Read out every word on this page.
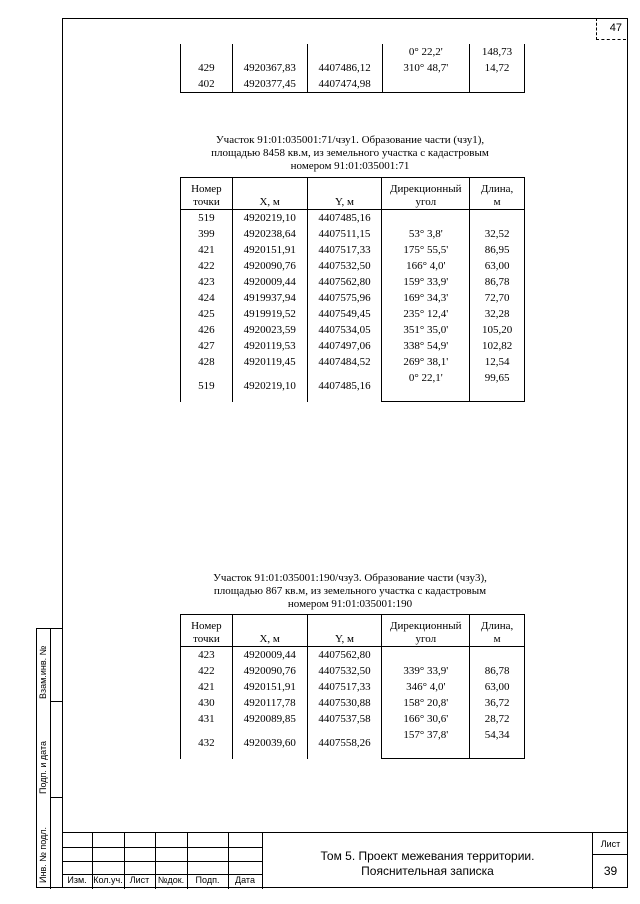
47
			0° 22,2'	148,73

429	4920367,83	4407486,12	310° 48,7'	14,72

402	4920377,45	4407474,98		
Участок 91:01:035001:71/чзу1. Образование части (чзу1),
площадью 8458 кв.м, из земельного участка с кадастровым
номером 91:01:035001:71
Номер
точки	X, м	Y, м	Дирекционный
угол	Длина,
м
519	4920219,10	4407485,16		
			53° 3,8'	32,52
399	4920238,64	4407511,15		
			175° 55,5'	86,95
421	4920151,91	4407517,33		
			166° 4,0'	63,00
422	4920090,76	4407532,50		
			159° 33,9'	86,78
423	4920009,44	4407562,80		
			169° 34,3'	72,70
424	4919937,94	4407575,96		
			235° 12,4'	32,28
425	4919919,52	4407549,45		
			351° 35,0'	105,20
426	4920023,59	4407534,05		
			338° 54,9'	102,82
427	4920119,53	4407497,06		
			269° 38,1'	12,54
428	4920119,45	4407484,52		
			0° 22,1'	99,65
519	4920219,10	4407485,16		

Участок 91:01:035001:190/чзу3. Образование части (чзу3),
площадью 867 кв.м, из земельного участка с кадастровым
номером 91:01:035001:190
Номер
точки	X, м	Y, м	Дирекционный
угол	Длина,
м
423	4920009,44	4407562,80		
			339° 33,9'	86,78
422	4920090,76	4407532,50		
			346° 4,0'	63,00
421	4920151,91	4407517,33		
			158° 20,8'	36,72
430	4920117,78	4407530,88		
			166° 30,6'	28,72
431	4920089,85	4407537,58		
			157° 37,8'	54,34
432	4920039,60	4407558,26		

Взам.инв. №
Подп. и дата
Инв. № подл.	Изм. Кол.уч. Лист №док.	Подп.	Дата
Том 5. Проект межевания территории.
Пояснительная записка
Лист
39
